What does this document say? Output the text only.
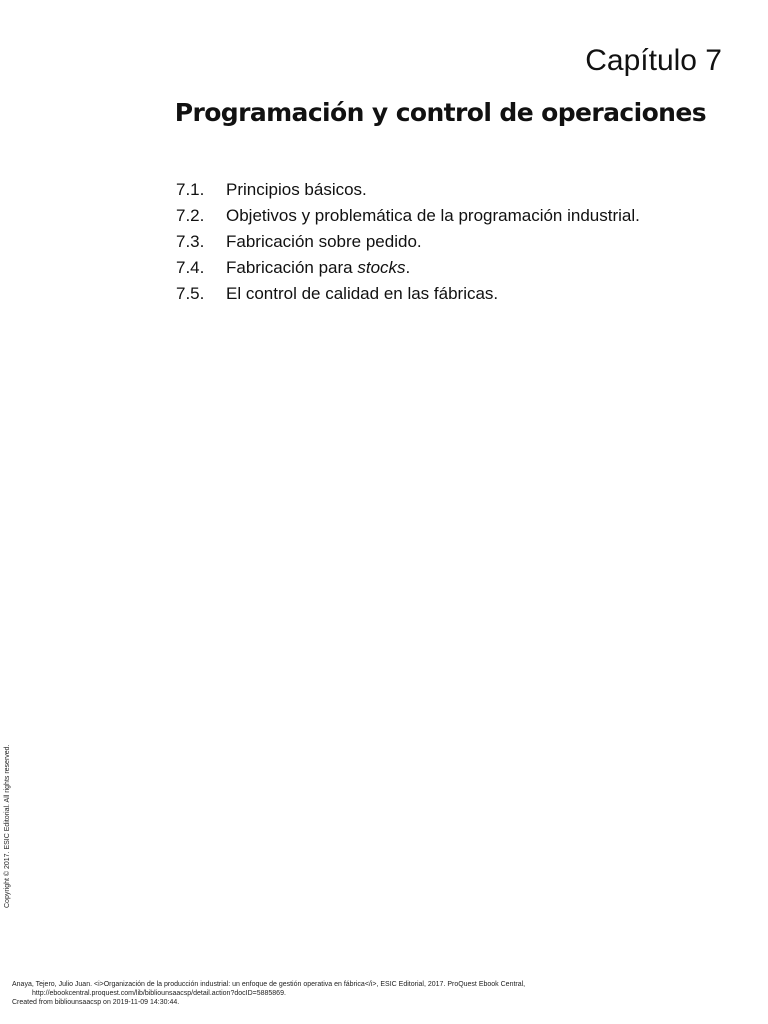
Capítulo 7
Programación y control de operaciones
7.1.	Principios básicos.
7.2.	Objetivos y problemática de la programación industrial.
7.3.	Fabricación sobre pedido.
7.4.	Fabricación para stocks.
7.5.	El control de calidad en las fábricas.
Copyright © 2017. ESIC Editorial. All rights reserved.
Anaya, Tejero, Julio Juan. <i>Organización de la producción industrial: un enfoque de gestión operativa en fábrica</i>, ESIC Editorial, 2017. ProQuest Ebook Central,
http://ebookcentral.proquest.com/lib/bibliounsaacsp/detail.action?docID=5885869.
Created from bibliounsaacsp on 2019-11-09 14:30:44.
